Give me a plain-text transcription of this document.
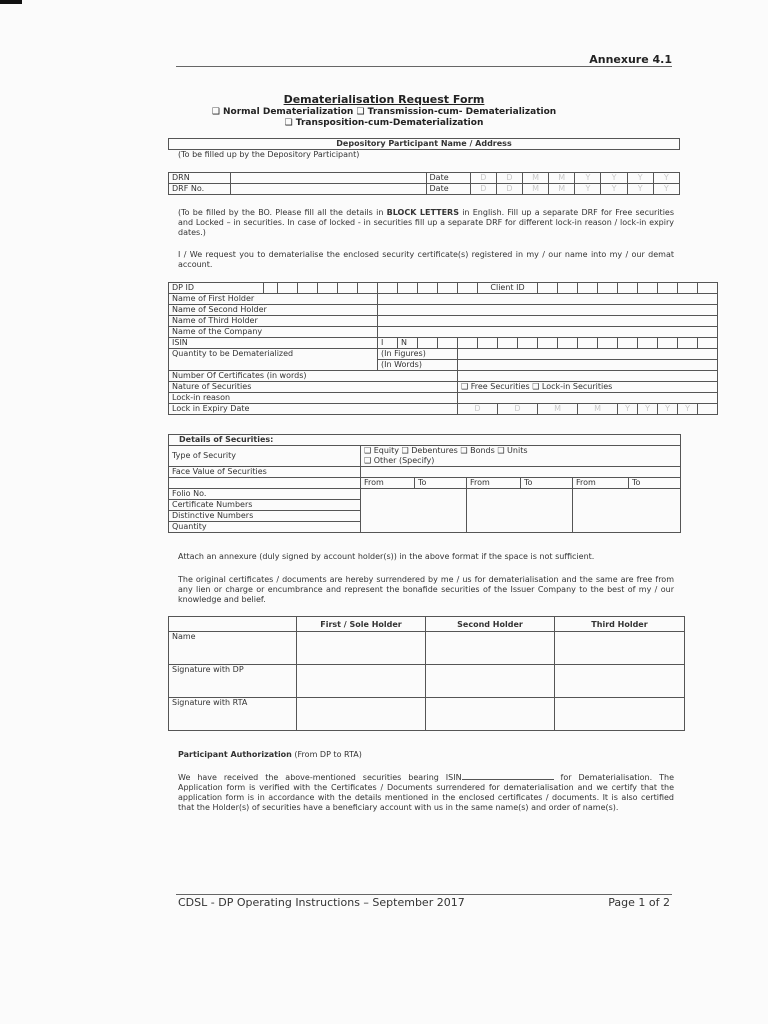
Annexure 4.1
Dematerialisation Request Form
❑ Normal Dematerialization ❑ Transmission-cum- Dematerialization
❑ Transposition-cum-Dematerialization
Depository Participant Name / Address
(To be filled up by the Depository Participant)
DRN		Date	D	D	M	M	Y	Y	Y	Y
DRF No.		Date	D	D	M	M	Y	Y	Y	Y
(To be filled by the BO. Please fill all the details in BLOCK LETTERS in English. Fill up a separate DRF for Free securities and Locked – in securities. In case of locked - in securities fill up a separate DRF for different lock-in reason / lock-in expiry dates.)
I / We request you to dematerialise the enclosed security certificate(s) registered in my / our name into my / our demat account.
DP ID												Client ID											
Name of First Holder																							
Name of Second Holder																							
Name of Third Holder																							
Name of the Company																							
ISIN							I	N															
Quantity to be Dematerialized							(In Figures)																
							(In Words)																
Number Of Certificates (in words)																							
Nature of Securities											❑ Free Securities ❑ Lock-in Securities												
Lock-in reason																							
Lock in Expiry Date											D		D		M		M		Y	Y	Y	Y	
Details of Securities:						
Type of Security	❑ Equity ❑ Debentures ❑ Bonds ❑ Units
❑ Other (Specify)					

Face Value of Securities						
	From	To	From	To	From	To
Folio No.						
Certificate Numbers						
Distinctive Numbers						
Quantity						
Attach an annexure (duly signed by account holder(s)) in the above format if the space is not sufficient.
The original certificates / documents are hereby surrendered by me / us for dematerialisation and the same are free from any lien or charge or encumbrance and represent the bonafide securities of the Issuer Company to the best of my / our knowledge and belief.
	First / Sole Holder	Second Holder	Third Holder
Name			
Signature with DP			
Signature with RTA			
Participant Authorization (From DP to RTA)
We have received the above-mentioned securities bearing ISIN	for Dematerialisation. The Application form is verified with the Certificates / Documents surrendered for dematerialisation and we certify that the application form is in accordance with the details mentioned in the enclosed certificates / documents. It is also certified that the Holder(s) of securities have a beneficiary account with us in the same name(s) and order of name(s).
CDSL - DP Operating Instructions – September 2017	Page 1 of 2
